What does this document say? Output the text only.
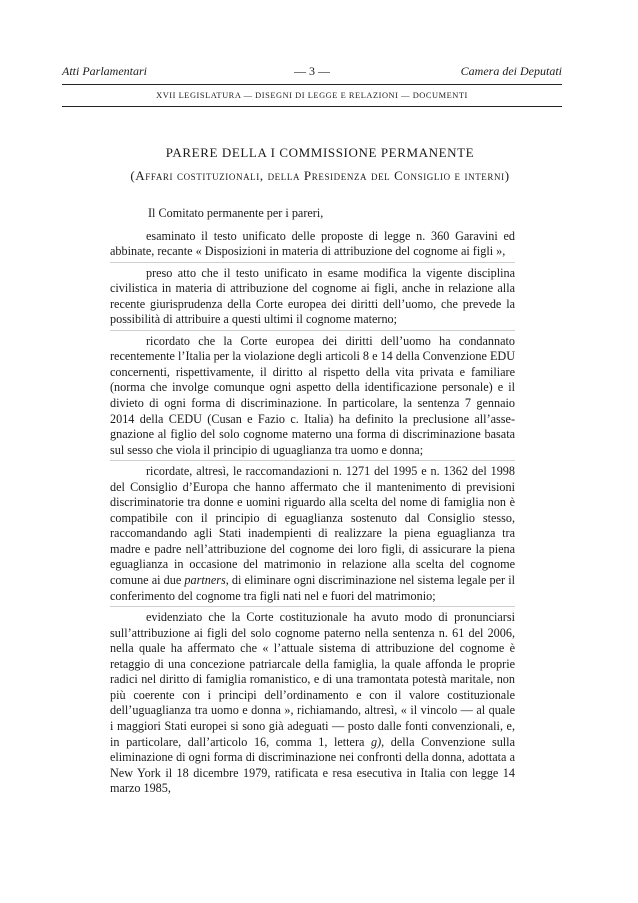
Atti Parlamentari	— 3 —	Camera dei Deputati
XVII LEGISLATURA — DISEGNI DI LEGGE E RELAZIONI — DOCUMENTI
PARERE DELLA I COMMISSIONE PERMANENTE
(Affari costituzionali, della Presidenza del Consiglio e interni)

Il Comitato permanente per i pareri,

esaminato il testo unificato delle proposte di legge n. 360 Garavini ed abbinate, recante « Disposizioni in materia di attribuzione del cognome ai figli »,

preso atto che il testo unificato in esame modifica la vigente disciplina civilistica in materia di attribuzione del cognome ai figli, anche in relazione alla recente giurisprudenza della Corte europea dei diritti dell’uomo, che prevede la possibilità di attribuire a questi ultimi il cognome materno;

ricordato che la Corte europea dei diritti dell’uomo ha condannato recentemente l’Italia per la violazione degli articoli 8 e 14 della Convenzione EDU concernenti, rispettivamente, il diritto al rispetto della vita privata e familiare (norma che involge comunque ogni aspetto della identificazione personale) e il divieto di ogni forma di discriminazione. In particolare, la sentenza 7 gennaio 2014 della CEDU (Cusan e Fazio c. Italia) ha definito la preclusione all’assegnazione al figlio del solo cognome materno una forma di discriminazione basata sul sesso che viola il principio di uguaglianza tra uomo e donna;

ricordate, altresì, le raccomandazioni n. 1271 del 1995 e n. 1362 del 1998 del Consiglio d’Europa che hanno affermato che il mantenimento di previsioni discriminatorie tra donne e uomini riguardo alla scelta del nome di famiglia non è compatibile con il principio di eguaglianza sostenuto dal Consiglio stesso, raccomandando agli Stati inadempienti di realizzare la piena eguaglianza tra madre e padre nell’attribuzione del cognome dei loro figli, di assicurare la piena eguaglianza in occasione del matrimonio in relazione alla scelta del cognome comune ai due partners, di eliminare ogni discriminazione nel sistema legale per il conferimento del cognome tra figli nati nel e fuori del matrimonio;

evidenziato che la Corte costituzionale ha avuto modo di pronunciarsi sull’attribuzione ai figli del solo cognome paterno nella sentenza n. 61 del 2006, nella quale ha affermato che « l’attuale sistema di attribuzione del cognome è retaggio di una concezione patriarcale della famiglia, la quale affonda le proprie radici nel diritto di famiglia romanistico, e di una tramontata potestà maritale, non più coerente con i principi dell’ordinamento e con il valore costituzionale dell’uguaglianza tra uomo e donna », richiamando, altresì, « il vincolo — al quale i maggiori Stati europei si sono già adeguati — posto dalle fonti convenzionali, e, in particolare, dall’articolo 16, comma 1, lettera g), della Convenzione sulla eliminazione di ogni forma di discriminazione nei confronti della donna, adottata a New York il 18 dicembre 1979, ratificata e resa esecutiva in Italia con legge 14 marzo 1985,
